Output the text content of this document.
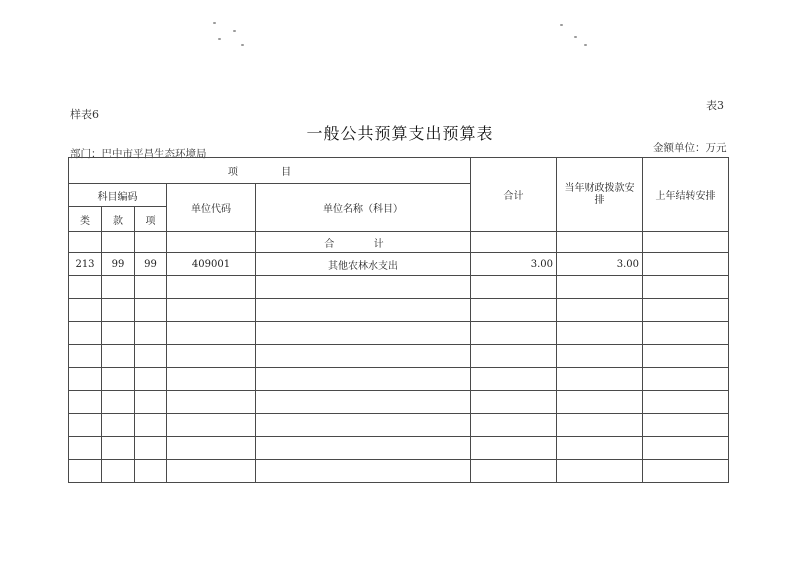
样表6
表3
一般公共预算支出预算表
部门：巴中市平昌生态环境局	金额单位：万元
项 目					合计	当年财政拨款安排	上年结转安排
科目编码			单位代码	单位名称（科目）			
类	款	项					
				合 计			
213	99	99	409001	其他农林水支出	3.00	3.00	
